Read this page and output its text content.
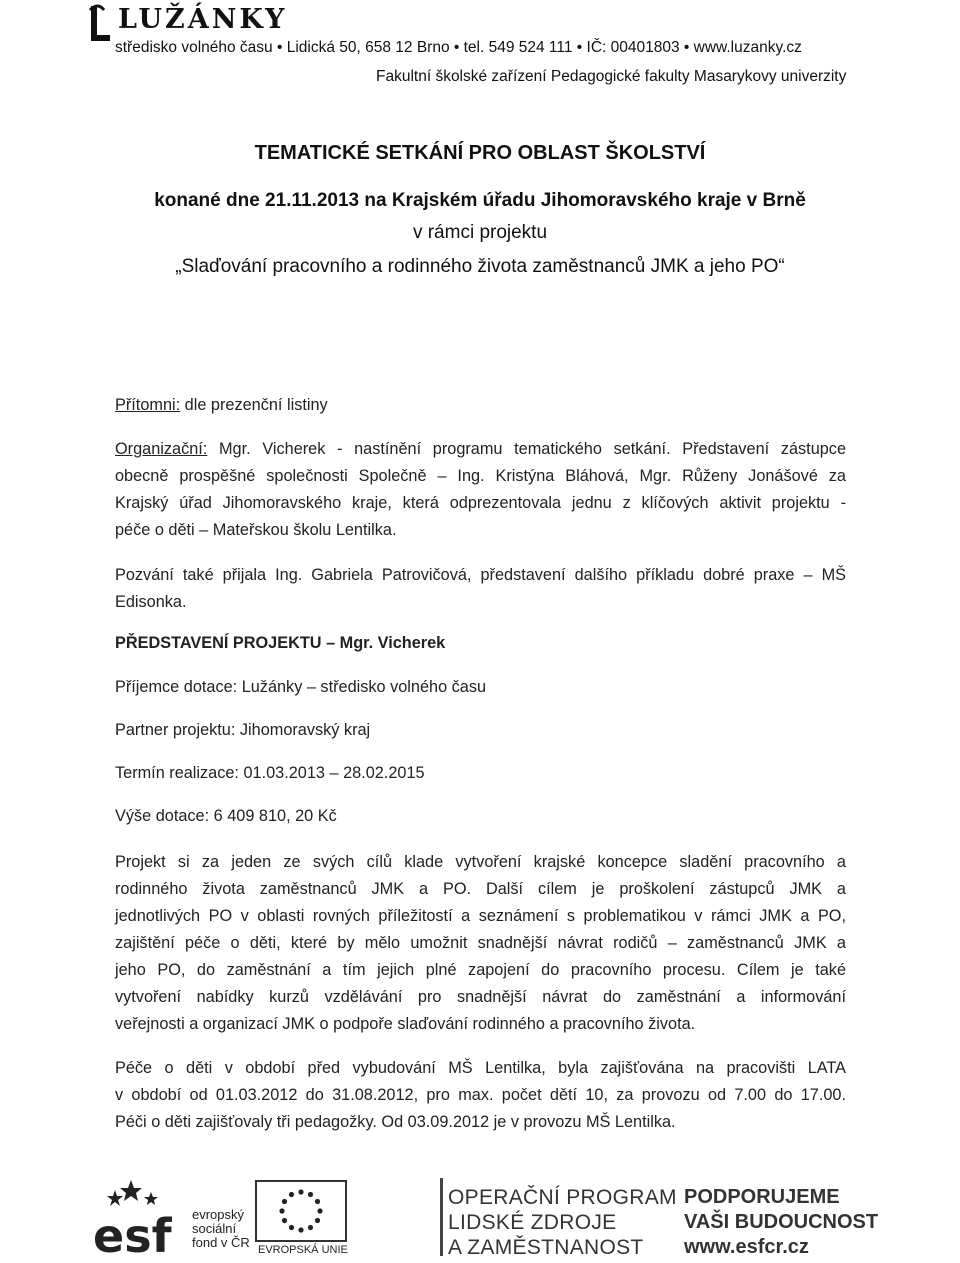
LUŽÁNKY
středisko volného času • Lidická 50, 658 12 Brno • tel. 549 524 111 • IČ: 00401803 • www.luzanky.cz
Fakultní školské zařízení Pedagogické fakulty Masarykovy univerzity
TEMATICKÉ SETKÁNÍ PRO OBLAST ŠKOLSTVÍ
konané dne 21.11.2013 na Krajském úřadu Jihomoravského kraje v Brně
v rámci projektu
„Slaďování pracovního a rodinného života zaměstnanců JMK a jeho PO“
Přítomni: dle prezenční listiny
Organizační: Mgr. Vicherek - nastínění programu tematického setkání. Představení zástupce
obecně prospěšné společnosti Společně – Ing. Kristýna Bláhová, Mgr. Růženy Jonášové za
Krajský úřad Jihomoravského kraje, která odprezentovala jednu z klíčových aktivit projektu -
péče o děti – Mateřskou školu Lentilka.
Pozvání také přijala Ing. Gabriela Patrovičová, představení dalšího příkladu dobré praxe – MŠ
Edisonka.
PŘEDSTAVENÍ PROJEKTU – Mgr. Vicherek
Příjemce dotace: Lužánky – středisko volného času
Partner projektu: Jihomoravský kraj
Termín realizace: 01.03.2013 – 28.02.2015
Výše dotace: 6 409 810, 20 Kč
Projekt si za jeden ze svých cílů klade vytvoření krajské koncepce sladění pracovního a
rodinného života zaměstnanců JMK a PO. Další cílem je proškolení zástupců JMK a
jednotlivých PO v oblasti rovných příležitostí a seznámení s problematikou v rámci JMK a PO,
zajištění péče o děti, které by mělo umožnit snadnější návrat rodičů – zaměstnanců JMK a
jeho PO, do zaměstnání a tím jejich plné zapojení do pracovního procesu. Cílem je také
vytvoření nabídky kurzů vzdělávání pro snadnější návrat do zaměstnání a informování
veřejnosti a organizací JMK o podpoře slaďování rodinného a pracovního života.
Péče o děti v období před vybudování MŠ Lentilka, byla zajišťována na pracovišti LATA
v období od 01.03.2012 do 31.08.2012, pro max. počet dětí 10, za provozu od 7.00 do 17.00.
Péči o děti zajišťovaly tři pedagožky. Od 03.09.2012 je v provozu MŠ Lentilka.
esf evropský
sociální
fond v ČR EVROPSKÁ UNIE
OPERAČNÍ PROGRAM
LIDSKÉ ZDROJE
A ZAMĚSTNANOST
PODPORUJEME
VAŠI BUDOUCNOST
www.esfcr.cz
